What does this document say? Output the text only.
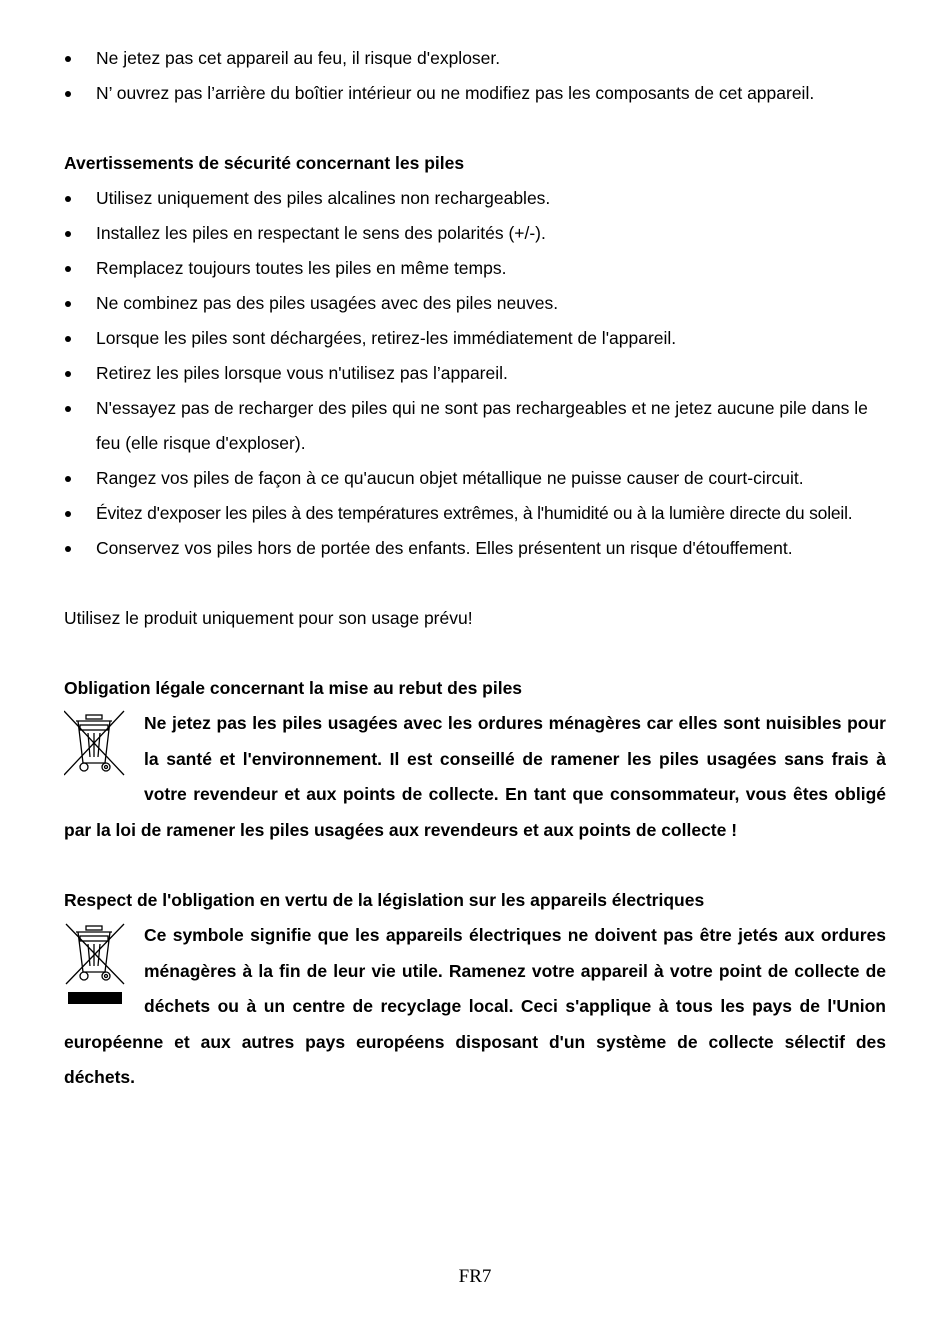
Ne jetez pas cet appareil au feu, il risque d'exploser.
N’ ouvrez pas l’arrière du boîtier intérieur ou ne modifiez pas les composants de cet appareil.

Avertissements de sécurité concernant les piles

Utilisez uniquement des piles alcalines non rechargeables.
Installez les piles en respectant le sens des polarités (+/-).
Remplacez toujours toutes les piles en même temps.
Ne combinez pas des piles usagées avec des piles neuves.
Lorsque les piles sont déchargées, retirez-les immédiatement de l'appareil.
Retirez les piles lorsque vous n'utilisez pas l’appareil.
N'essayez pas de recharger des piles qui ne sont pas rechargeables et ne jetez aucune pile dans le feu (elle risque d'exploser).
Rangez vos piles de façon à ce qu'aucun objet métallique ne puisse causer de court-circuit.
Évitez d'exposer les piles à des températures extrêmes, à l'humidité ou à la lumière directe du soleil.
Conservez vos piles hors de portée des enfants. Elles présentent un risque d'étouffement.

Utilisez le produit uniquement pour son usage prévu!

Obligation légale concernant la mise au rebut des piles

Ne jetez pas les piles usagées avec les ordures ménagères car elles sont nuisibles pour la santé et l'environnement. Il est conseillé de ramener les piles usagées sans frais à votre revendeur et aux points de collecte. En tant que consommateur, vous êtes obligé par la loi de ramener les piles usagées aux revendeurs et aux points de collecte !

Respect de l'obligation en vertu de la législation sur les appareils électriques

Ce symbole signifie que les appareils électriques ne doivent pas être jetés aux ordures ménagères à la fin de leur vie utile. Ramenez votre appareil à votre point de collecte de déchets ou à un centre de recyclage local. Ceci s'applique à tous les pays de l'Union européenne et aux autres pays européens disposant d'un système de collecte sélectif des déchets.

FR7
